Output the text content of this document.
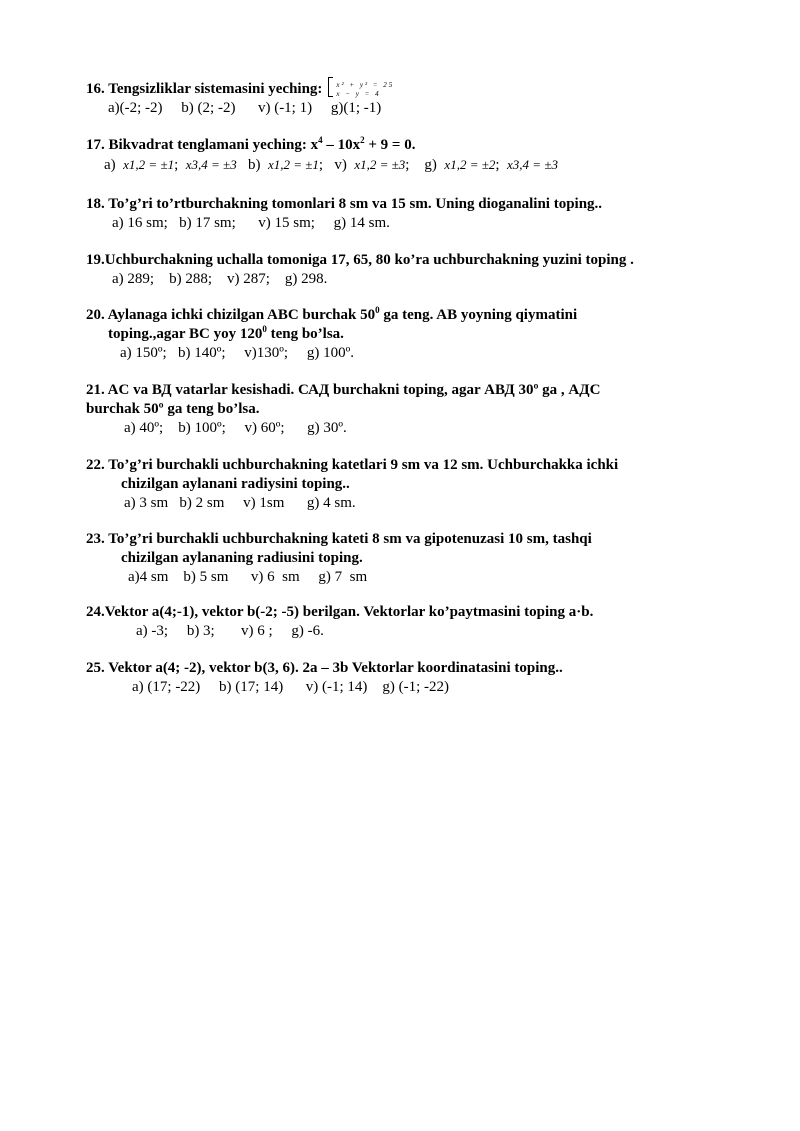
16. Tengsizliklar sistemasini yeching: x² + y² = 25
x − y = 4
a)(-2; -2)     b) (2; -2)      v) (-1; 1)     g)(1; -1)
17. Bikvadrat tenglamani yeching: $x^4 - 10x^2 + 9 = 0$.
a) x1,2 = ±1;  x3,4 = ±3 b) x1,2 = ±1;   v) x1,2 = ±3;    g) x1,2 = ±2;  x3,4 = ±3
18. To’g’ri to’rtburchakning tomonlari 8 sm va 15 sm. Uning dioganalini toping..
a) 16 sm;   b) 17 sm;      v) 15 sm;     g) 14 sm.
19.Uchburchakning uchalla tomoniga 17, 65, 80 ko’ra uchburchakning yuzini toping .
a) 289;    b) 288;    v) 287;    g) 298.
20. Aylanaga ichki chizilgan ABC burchak $50^0$ ga teng. AB yoyning qiymatini
toping.,agar BC yoy $120^0$ teng bo’lsa.
a) 150º;   b) 140º;     v)130º;     g) 100º.
21. AC va ВД vatarlar kesishadi. САД burchakni toping, agar АВД 30º ga , АДС
burchak 50º ga teng bo’lsa.
a) 40º;    b) 100º;     v) 60º;      g) 30º.
22. To’g’ri burchakli uchburchakning katetlari 9 sm va 12 sm. Uchburchakka ichki
chizilgan aylanani radiysini toping..
a) 3 sm   b) 2 sm     v) 1sm      g) 4 sm.
23. To’g’ri burchakli uchburchakning kateti 8 sm va gipotenuzasi 10 sm, tashqi
chizilgan aylananing radiusini toping.
a)4 sm    b) 5 sm      v) 6  sm     g) 7  sm
24.Vektor a(4;-1), vektor b(-2; -5) berilgan. Vektorlar ko’paytmasini toping a·b.
a) -3;     b) 3;       v) 6 ;     g) -6.
25. Vektor a(4; -2), vektor b(3, 6). 2a – 3b Vektorlar koordinatasini toping..
a) (17; -22)     b) (17; 14)      v) (-1; 14)    g) (-1; -22)
